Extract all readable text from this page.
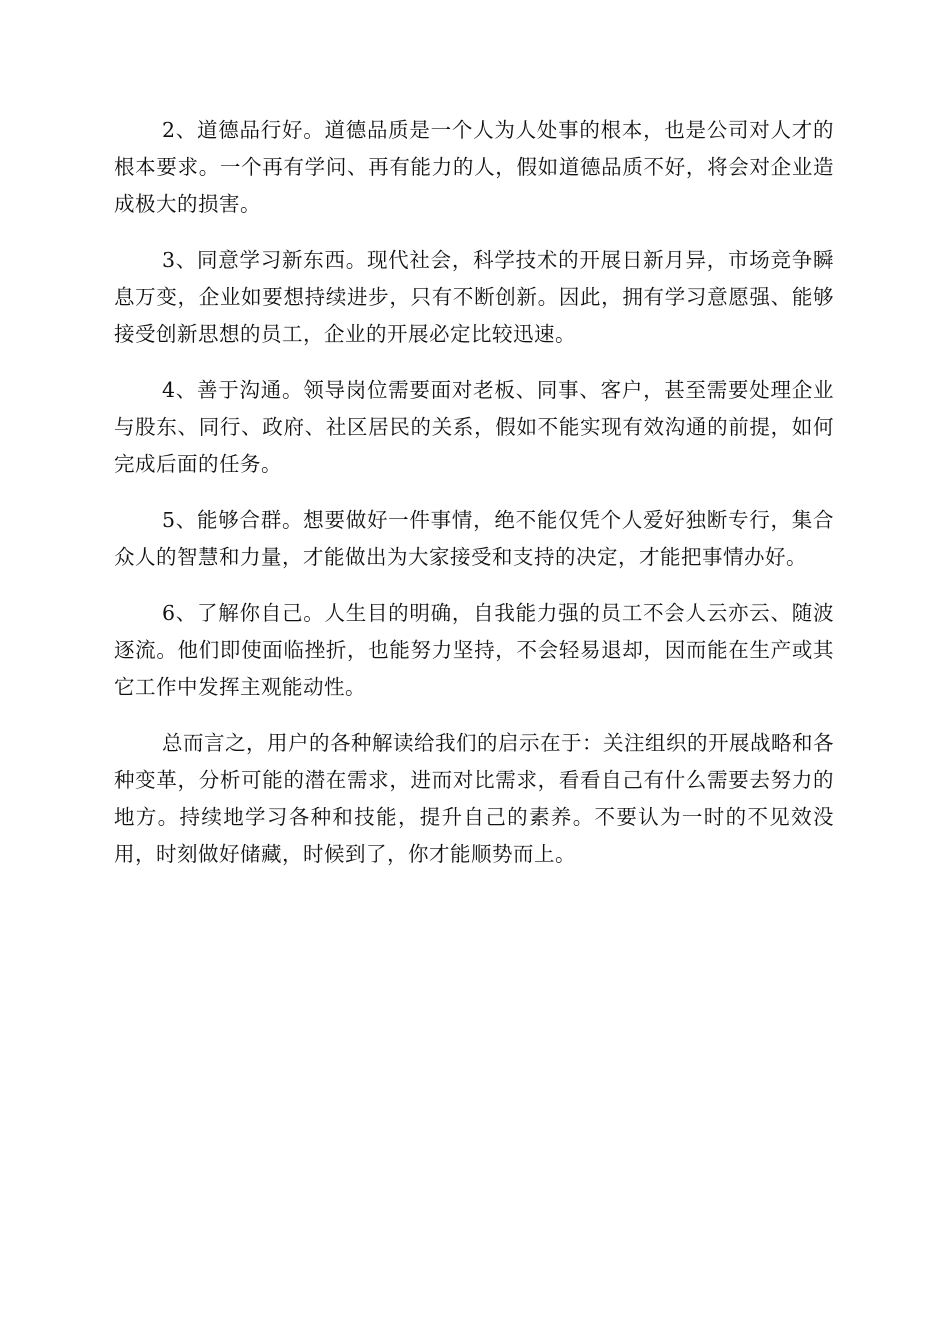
2、道德品行好。道德品质是一个人为人处事的根本，也是公司对人才的根本要求。一个再有学问、再有能力的人，假如道德品质不好，将会对企业造成极大的损害。

3、同意学习新东西。现代社会，科学技术的开展日新月异，市场竞争瞬息万变，企业如要想持续进步，只有不断创新。因此，拥有学习意愿强、能够接受创新思想的员工，企业的开展必定比较迅速。

4、善于沟通。领导岗位需要面对老板、同事、客户，甚至需要处理企业与股东、同行、政府、社区居民的关系，假如不能实现有效沟通的前提，如何完成后面的任务。

5、能够合群。想要做好一件事情，绝不能仅凭个人爱好独断专行，集合众人的智慧和力量，才能做出为大家接受和支持的决定，才能把事情办好。

6、了解你自己。人生目的明确，自我能力强的员工不会人云亦云、随波逐流。他们即使面临挫折，也能努力坚持，不会轻易退却，因而能在生产或其它工作中发挥主观能动性。

总而言之，用户的各种解读给我们的启示在于：关注组织的开展战略和各种变革，分析可能的潜在需求，进而对比需求，看看自己有什么需要去努力的地方。持续地学习各种和技能，提升自己的素养。不要认为一时的不见效没用，时刻做好储藏，时候到了，你才能顺势而上。
